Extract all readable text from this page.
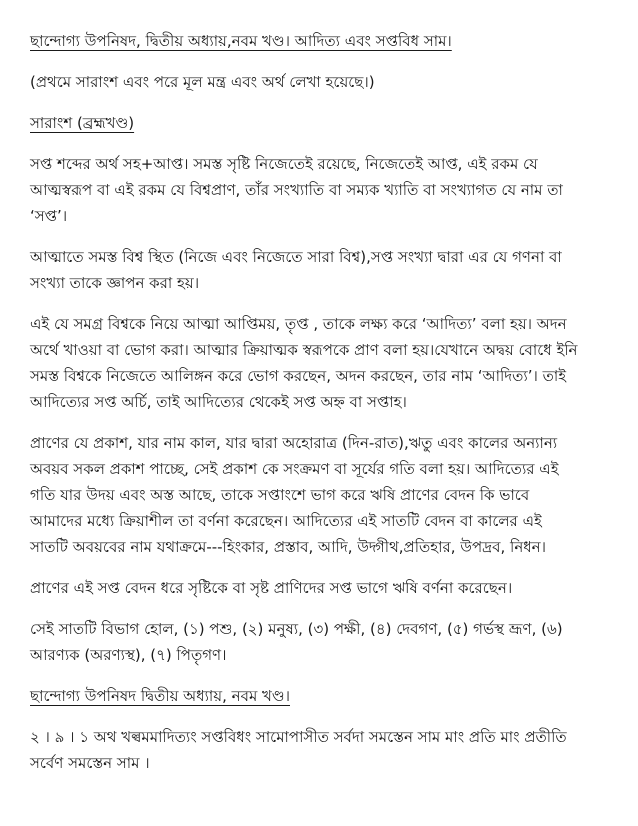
ছান্দোগ্য উপনিষদ, দ্বিতীয় অধ্যায়,নবম খণ্ড। আদিত্য এবং সপ্তবিধ সাম।

(প্রথমে সারাংশ এবং পরে মূল মন্ত্র এবং অর্থ লেখা হয়েছে।)

সারাংশ (ব্রহ্মখণ্ড)

সপ্ত শব্দের অর্থ সহ+আপ্ত। সমস্ত সৃষ্টি নিজেতেই রয়েছে, নিজেতেই আপ্ত, এই রকম যে

আত্মস্বরূপ বা এই রকম যে বিশ্বপ্রাণ, তাঁর সংখ্যাতি বা সম্যক খ্যাতি বা সংখ্যাগত যে নাম তা

‘সপ্ত’।

আত্মাতে সমস্ত বিশ্ব স্থিত (নিজে এবং নিজেতে সারা বিশ্ব),সপ্ত সংখ্যা দ্বারা এর যে গণনা বা

সংখ্যা তাকে জ্ঞাপন করা হয়।

এই যে সমগ্র বিশ্বকে নিয়ে আত্মা আপ্তিময়, তৃপ্ত , তাকে লক্ষ্য করে ‘আদিত্য’ বলা হয়। অদন

অর্থে খাওয়া বা ভোগ করা। আত্মার ক্রিয়াত্মক স্বরূপকে প্রাণ বলা হয়।যেখানে অদ্বয় বোধে ইনি

সমস্ত বিশ্বকে নিজেতে আলিঙ্গন করে ভোগ করছেন, অদন করছেন, তার নাম ‘আদিত্য’। তাই

আদিত্যের সপ্ত অর্চি, তাই আদিত্যের থেকেই সপ্ত অহ্ন বা সপ্তাহ।

প্রাণের যে প্রকাশ, যার নাম কাল, যার দ্বারা অহোরাত্র (দিন-রাত),ঋতু এবং কালের অন্যান্য

অবয়ব সকল প্রকাশ পাচ্ছে, সেই প্রকাশ কে সংক্রমণ বা সূর্যের গতি বলা হয়। আদিত্যের এই

গতি যার উদয় এবং অস্ত আছে, তাকে সপ্তাংশে ভাগ করে ঋষি প্রাণের বেদন কি ভাবে

আমাদের মধ্যে ক্রিয়াশীল তা বর্ণনা করেছেন। আদিত্যের এই সাতটি বেদন বা কালের এই

সাতটি অবয়বের নাম যথাক্রমে---হিংকার, প্রস্তাব, আদি, উদ্গীথ,প্রতিহার, উপদ্রব, নিধন।

প্রাণের এই সপ্ত বেদন ধরে সৃষ্টিকে বা সৃষ্ট প্রাণিদের সপ্ত ভাগে ঋষি বর্ণনা করেছেন।

সেই সাতটি বিভাগ হোল, (১) পশু, (২) মনুষ্য, (৩) পক্ষী, (৪) দেবগণ, (৫) গর্ভস্থ ভ্রূণ, (৬)

আরণ্যক (অরণ্যস্থ), (৭) পিতৃগণ।

ছান্দোগ্য উপনিষদ দ্বিতীয় অধ্যায়, নবম খণ্ড।

২ । ৯ । ১ অথ খল্বমমাদিত্যং সপ্তবিধং সামোপাসীত সর্বদা সমস্তেন সাম মাং প্রতি মাং প্রতীতি

সর্বেণ সমস্তেন সাম ।
